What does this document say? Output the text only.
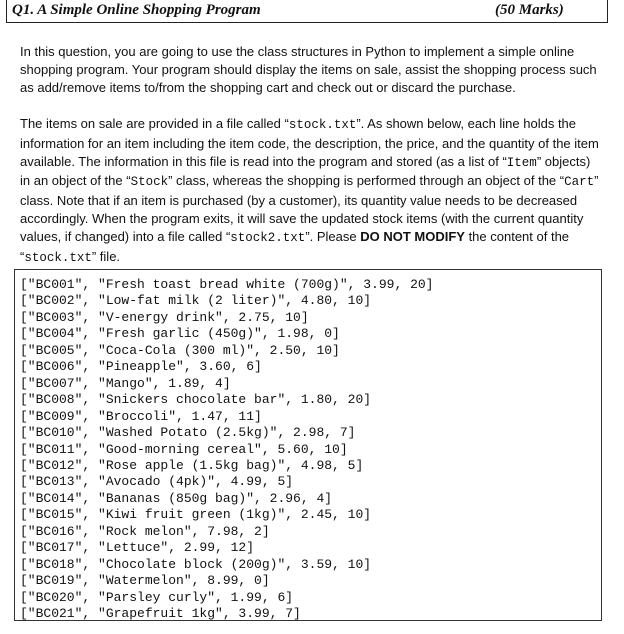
Q1. A Simple Online Shopping Program	(50 Marks)

In this question, you are going to use the class structures in Python to implement a simple online shopping program. Your program should display the items on sale, assist the shopping process such as add/remove items to/from the shopping cart and check out or discard the purchase.

The items on sale are provided in a file called “stock.txt”. As shown below, each line holds the information for an item including the item code, the description, the price, and the quantity of the item available. The information in this file is read into the program and stored (as a list of “Item” objects) in an object of the “Stock” class, whereas the shopping is performed through an object of the “Cart” class. Note that if an item is purchased (by a customer), its quantity value needs to be decreased accordingly. When the program exits, it will save the updated stock items (with the current quantity values, if changed) into a file called “stock2.txt”. Please DO NOT MODIFY the content of the “stock.txt” file.

["BC001", "Fresh toast bread white (700g)", 3.99, 20]
["BC002", "Low-fat milk (2 liter)", 4.80, 10]
["BC003", "V-energy drink", 2.75, 10]
["BC004", "Fresh garlic (450g)", 1.98, 0]
["BC005", "Coca-Cola (300 ml)", 2.50, 10]
["BC006", "Pineapple", 3.60, 6]
["BC007", "Mango", 1.89, 4]
["BC008", "Snickers chocolate bar", 1.80, 20]
["BC009", "Broccoli", 1.47, 11]
["BC010", "Washed Potato (2.5kg)", 2.98, 7]
["BC011", "Good-morning cereal", 5.60, 10]
["BC012", "Rose apple (1.5kg bag)", 4.98, 5]
["BC013", "Avocado (4pk)", 4.99, 5]
["BC014", "Bananas (850g bag)", 2.96, 4]
["BC015", "Kiwi fruit green (1kg)", 2.45, 10]
["BC016", "Rock melon", 7.98, 2]
["BC017", "Lettuce", 2.99, 12]
["BC018", "Chocolate block (200g)", 3.59, 10]
["BC019", "Watermelon", 8.99, 0]
["BC020", "Parsley curly", 1.99, 6]
["BC021", "Grapefruit 1kg", 3.99, 7]
